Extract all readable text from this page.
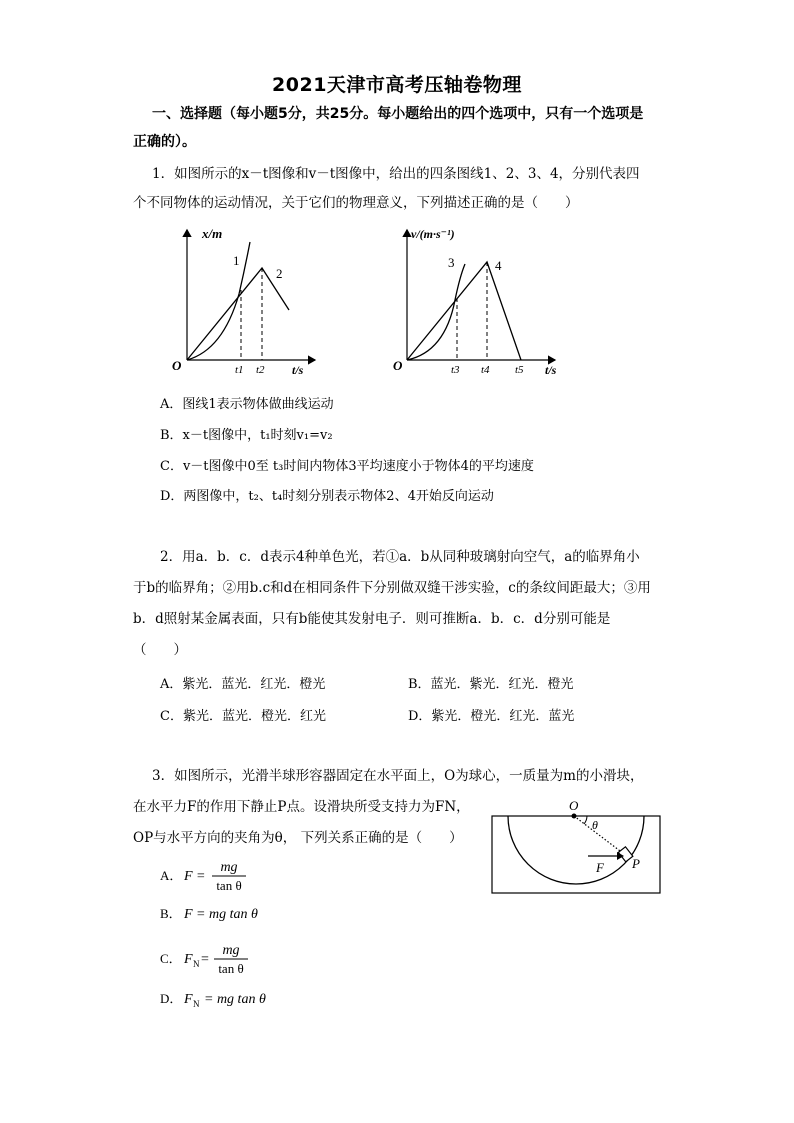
2021天津市高考压轴卷物理
一、选择题（每小题5分，共25分。每小题给出的四个选项中，只有一个选项是
正确的）。
1．如图所示的x－t图像和v－t图像中，给出的四条图线1、2、3、4，分别代表四
个不同物体的运动情况，关于它们的物理意义，下列描述正确的是（　　）
x/m
1
2
O	t1 t2 t/s
v/(m·s⁻¹)
3	4
O	t3 t4 t5 t/s
A．图线1表示物体做曲线运动
B．x－t图像中，t₁时刻v₁=v₂
C．v－t图像中0至 t₃时间内物体3平均速度小于物体4的平均速度
D．两图像中，t₂、t₄时刻分别表示物体2、4开始反向运动
2．用a．b．c．d表示4种单色光，若①a．b从同种玻璃射向空气，a的临界角小
于b的临界角；②用b.c和d在相同条件下分别做双缝干涉实验，c的条纹间距最大；③用
b．d照射某金属表面，只有b能使其发射电子．则可推断a．b．c．d分别可能是
（　　）
A．紫光．蓝光．红光．橙光	B．蓝光．紫光．红光．橙光
C．紫光．蓝光．橙光．红光	D．紫光．橙光．红光．蓝光
3．如图所示，光滑半球形容器固定在水平面上，O为球心，一质量为m的小滑块，
在水平力F的作用下静止P点。设滑块所受支持力为FN，
OP与水平方向的夹角为θ， 下列关系正确的是（　　）
O
θ
F P
A． F =
mg
tan θ
B． F = mg tan θ
C． F N =
mg
tan θ
D． F N = mg tan θ
